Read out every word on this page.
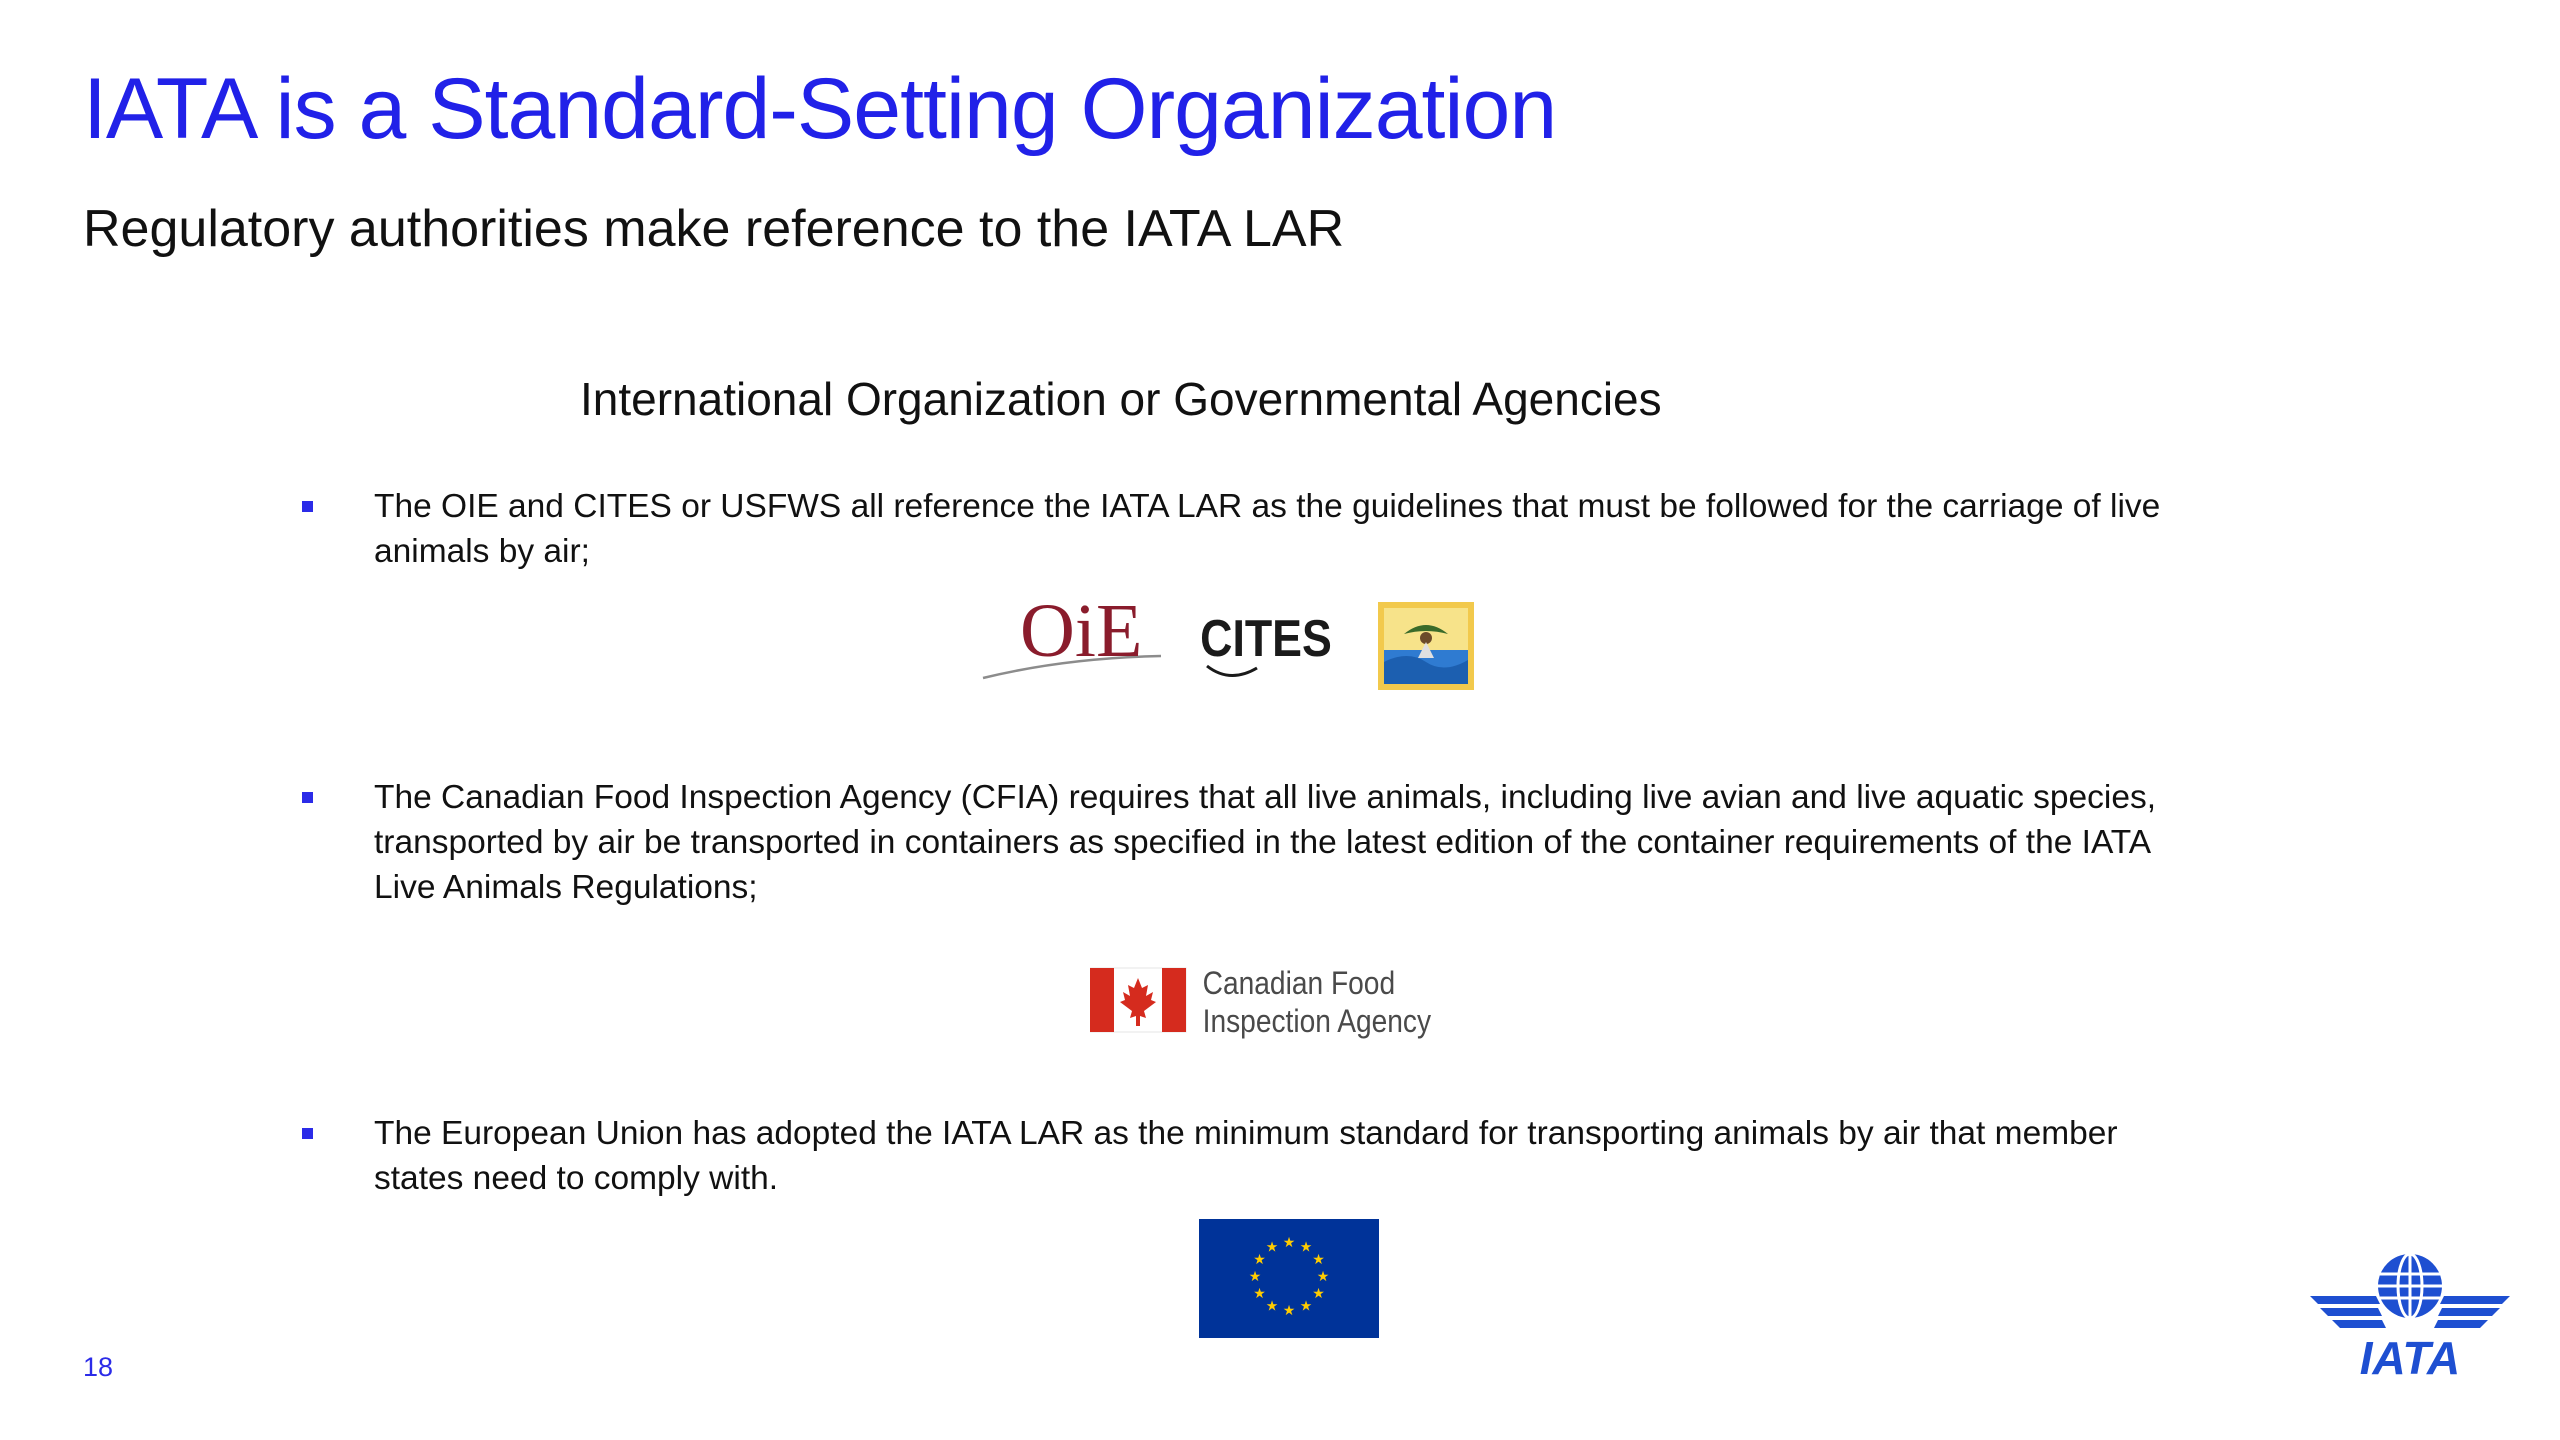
IATA is a Standard-Setting Organization
Regulatory authorities make reference to the IATA LAR
International Organization or Governmental Agencies
The OIE and CITES or USFWS all reference the IATA LAR as the guidelines that must be followed for the carriage of live animals by air;
OiE CITES
The Canadian Food Inspection Agency (CFIA) requires that all live animals, including live avian and live aquatic species, transported by air be transported in containers as specified in the latest edition of the container requirements of the IATA Live Animals Regulations;
Canadian Food
Inspection Agency
The European Union has adopted the IATA LAR as the minimum standard for transporting animals by air that member states need to comply with.
★ ★
★
★
★
★
★
★
★
★
★
★
18	IATA
